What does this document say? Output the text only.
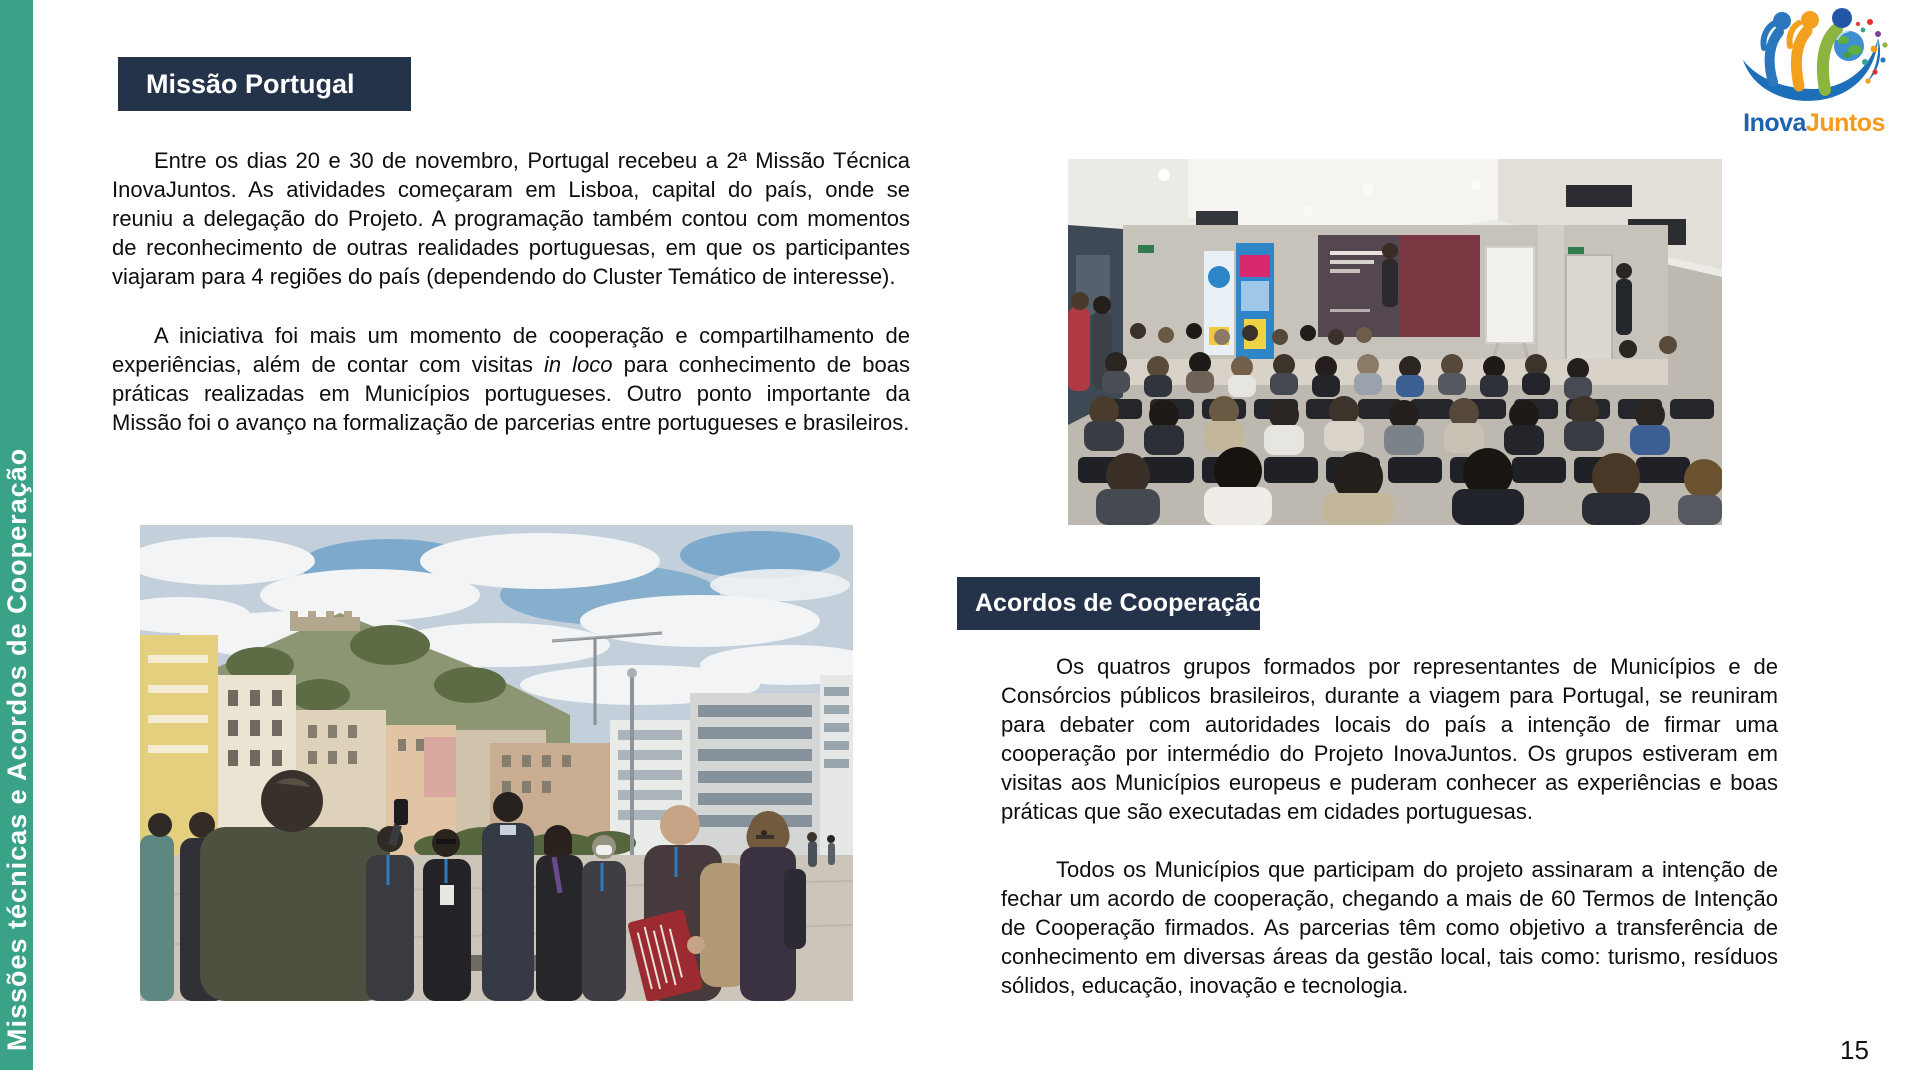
Missões técnicas e Acordos de Cooperação
InovaJuntos
Missão Portugal

Entre os dias 20 e 30 de novembro, Portugal recebeu a 2ª Missão Técnica InovaJuntos. As atividades começaram em Lisboa, capital do país, onde se reuniu a delegação do Projeto. A programação também contou com momentos de reconhecimento de outras realidades portuguesas, em que os participantes viajaram para 4 regiões do país (dependendo do Cluster Temático de interesse).

A iniciativa foi mais um momento de cooperação e compartilhamento de experiências, além de contar com visitas in loco para conhecimento de boas práticas realizadas em Municípios portugueses. Outro ponto importante da Missão foi o avanço na formalização de parcerias entre portugueses e brasileiros.

Acordos de Cooperação

Os quatros grupos formados por representantes de Municípios e de Consórcios públicos brasileiros, durante a viagem para Portugal, se reuniram para debater com autoridades locais do país a intenção de firmar uma cooperação por intermédio do Projeto InovaJuntos. Os grupos estiveram em visitas aos Municípios europeus e puderam conhecer as experiências e boas práticas que são executadas em cidades portuguesas.

Todos os Municípios que participam do projeto assinaram a intenção de fechar um acordo de cooperação, chegando a mais de 60 Termos de Intenção de Cooperação firmados. As parcerias têm como objetivo a transferência de conhecimento em diversas áreas da gestão local, tais como: turismo, resíduos sólidos, educação, inovação e tecnologia.

15
